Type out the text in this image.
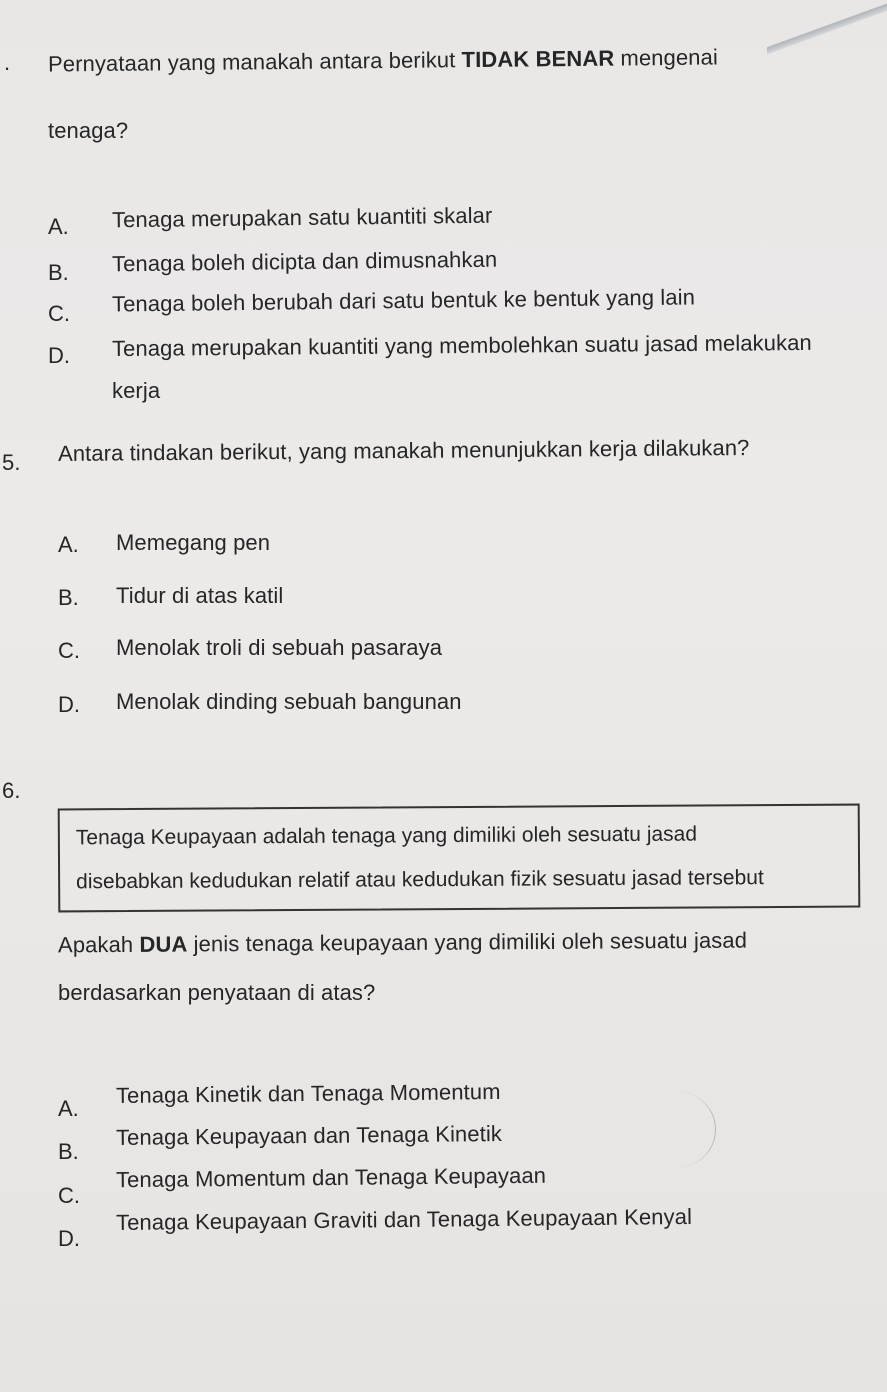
. Pernyataan yang manakah antara berikut TIDAK BENAR mengenai
tenaga?
A. Tenaga merupakan satu kuantiti skalar
B. Tenaga boleh dicipta dan dimusnahkan
C. Tenaga boleh berubah dari satu bentuk ke bentuk yang lain
D. Tenaga merupakan kuantiti yang membolehkan suatu jasad melakukan
kerja
5. Antara tindakan berikut, yang manakah menunjukkan kerja dilakukan?
A. Memegang pen
B. Tidur di atas katil
C. Menolak troli di sebuah pasaraya
D. Menolak dinding sebuah bangunan
6.
Tenaga Keupayaan adalah tenaga yang dimiliki oleh sesuatu jasad
disebabkan kedudukan relatif atau kedudukan fizik sesuatu jasad tersebut
Apakah DUA jenis tenaga keupayaan yang dimiliki oleh sesuatu jasad
berdasarkan penyataan di atas?
A.
Tenaga Kinetik dan Tenaga Momentum
B.
Tenaga Keupayaan dan Tenaga Kinetik
C.
Tenaga Momentum dan Tenaga Keupayaan
D.
Tenaga Keupayaan Graviti dan Tenaga Keupayaan Kenyal
